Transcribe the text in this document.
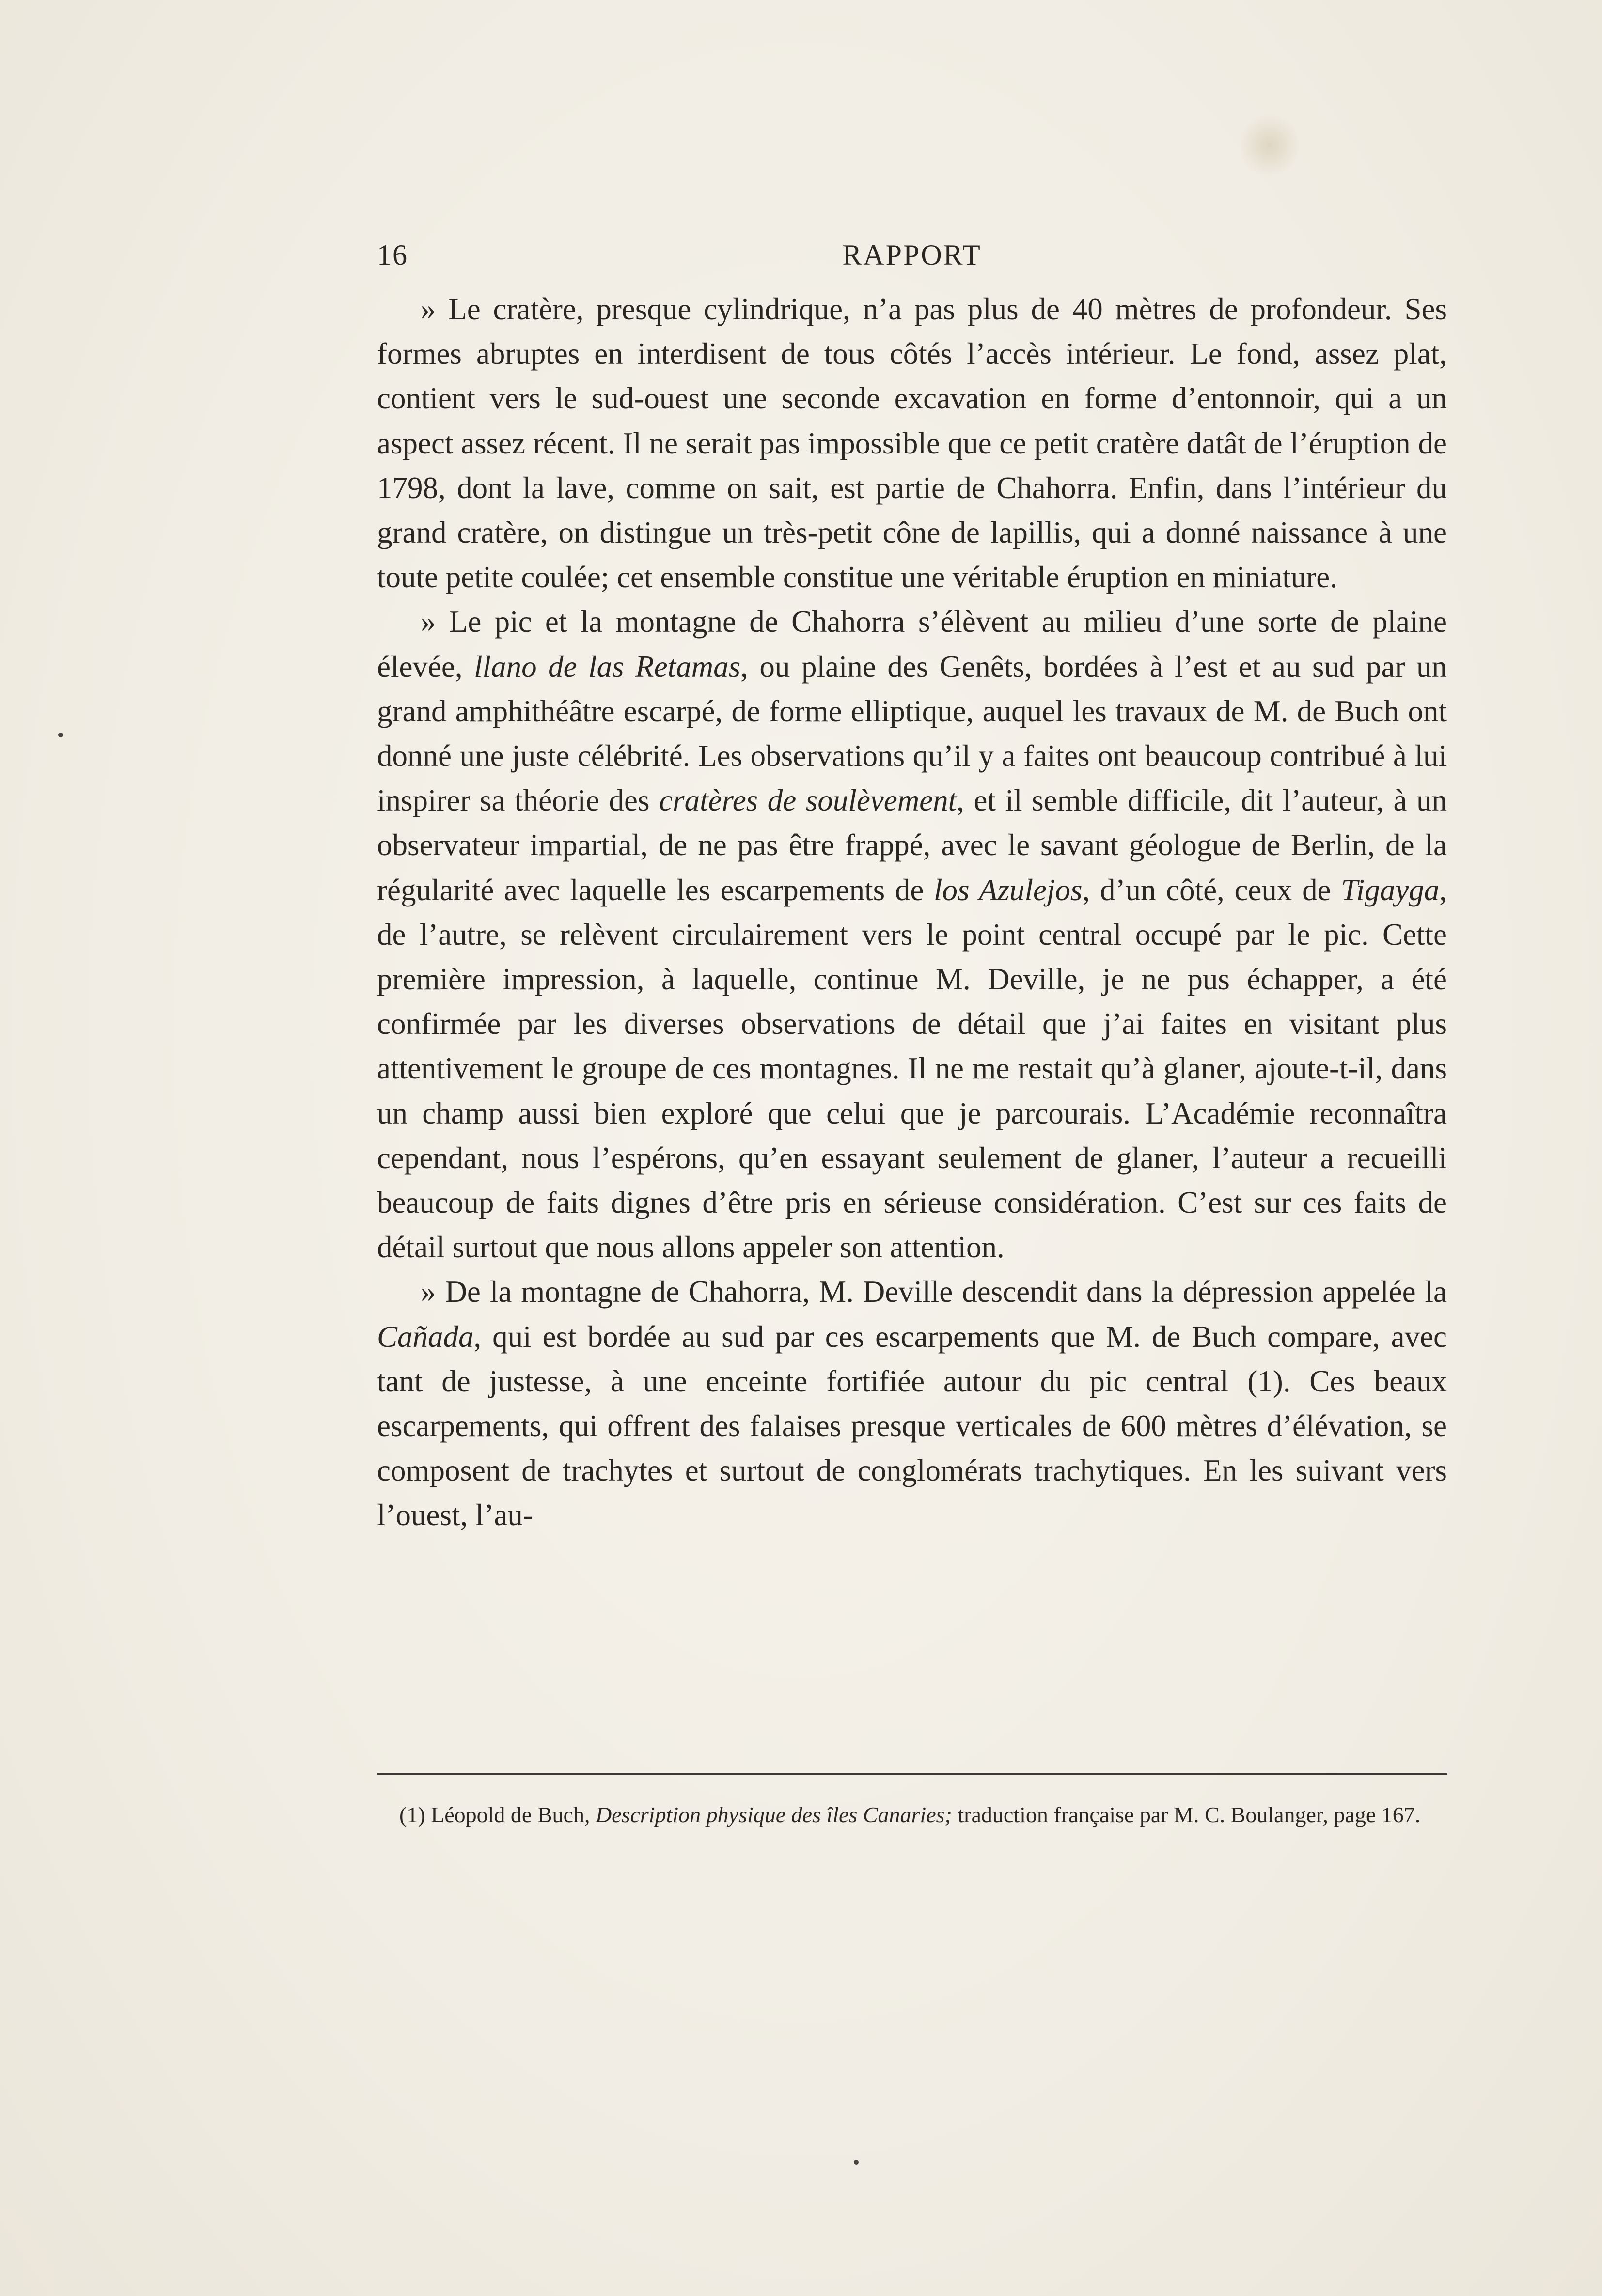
16	RAPPORT

» Le cratère, presque cylindrique, n’a pas plus de 40 mètres de profondeur. Ses formes abruptes en interdisent de tous côtés l’accès intérieur. Le fond, assez plat, contient vers le sud-ouest une seconde excavation en forme d’entonnoir, qui a un aspect assez récent. Il ne serait pas impossible que ce petit cratère datât de l’éruption de 1798, dont la lave, comme on sait, est partie de Chahorra. Enfin, dans l’intérieur du grand cratère, on distingue un très-petit cône de lapillis, qui a donné naissance à une toute petite coulée; cet ensemble constitue une véritable éruption en miniature.

» Le pic et la montagne de Chahorra s’élèvent au milieu d’une sorte de plaine élevée, llano de las Retamas, ou plaine des Genêts, bordées à l’est et au sud par un grand amphithéâtre escarpé, de forme elliptique, auquel les travaux de M. de Buch ont donné une juste célébrité. Les observations qu’il y a faites ont beaucoup contribué à lui inspirer sa théorie des cratères de soulèvement, et il semble difficile, dit l’auteur, à un observateur impartial, de ne pas être frappé, avec le savant géologue de Berlin, de la régularité avec laquelle les escarpements de los Azulejos, d’un côté, ceux de Tigayga, de l’autre, se relèvent circulairement vers le point central occupé par le pic. Cette première impression, à laquelle, continue M. Deville, je ne pus échapper, a été confirmée par les diverses observations de détail que j’ai faites en visitant plus attentivement le groupe de ces montagnes. Il ne me restait qu’à glaner, ajoute-t-il, dans un champ aussi bien exploré que celui que je parcourais. L’Académie reconnaîtra cependant, nous l’espérons, qu’en essayant seulement de glaner, l’auteur a recueilli beaucoup de faits dignes d’être pris en sérieuse considération. C’est sur ces faits de détail surtout que nous allons appeler son attention.

» De la montagne de Chahorra, M. Deville descendit dans la dépression appelée la Cañada, qui est bordée au sud par ces escarpements que M. de Buch compare, avec tant de justesse, à une enceinte fortifiée autour du pic central (1). Ces beaux escarpements, qui offrent des falaises presque verticales de 600 mètres d’élévation, se composent de trachytes et surtout de conglomérats trachytiques. En les suivant vers l’ouest, l’au-

(1) Léopold de Buch, Description physique des îles Canaries; traduction française par M. C. Boulanger, page 167.
